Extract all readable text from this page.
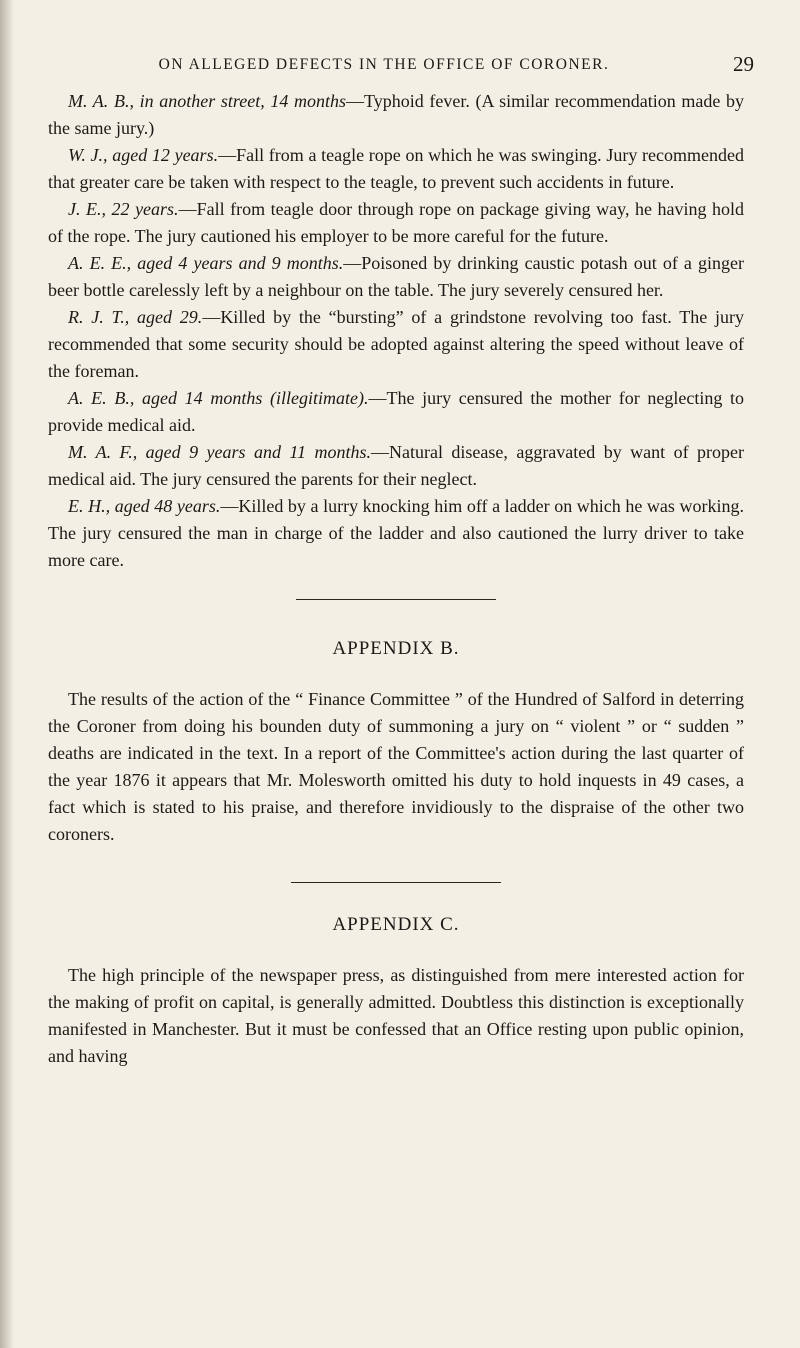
ON ALLEGED DEFECTS IN THE OFFICE OF CORONER.	29

M. A. B., in another street, 14 months—Typhoid fever. (A similar recommendation made by the same jury.)

W. J., aged 12 years.—Fall from a teagle rope on which he was swinging. Jury recommended that greater care be taken with respect to the teagle, to prevent such accidents in future.

J. E., 22 years.—Fall from teagle door through rope on package giving way, he having hold of the rope. The jury cautioned his employer to be more careful for the future.

A. E. E., aged 4 years and 9 months.—Poisoned by drinking caustic potash out of a ginger beer bottle carelessly left by a neighbour on the table. The jury severely censured her.

R. J. T., aged 29.—Killed by the “bursting” of a grindstone revolving too fast. The jury recommended that some security should be adopted against altering the speed without leave of the foreman.

A. E. B., aged 14 months (illegitimate).—The jury censured the mother for neglecting to provide medical aid.

M. A. F., aged 9 years and 11 months.—Natural disease, aggravated by want of proper medical aid. The jury censured the parents for their neglect.

E. H., aged 48 years.—Killed by a lurry knocking him off a ladder on which he was working. The jury censured the man in charge of the ladder and also cautioned the lurry driver to take more care.

APPENDIX B.

The results of the action of the “ Finance Committee ” of the Hundred of Salford in deterring the Coroner from doing his bounden duty of summoning a jury on “ violent ” or “ sudden ” deaths are indicated in the text. In a report of the Committee's action during the last quarter of the year 1876 it appears that Mr. Molesworth omitted his duty to hold inquests in 49 cases, a fact which is stated to his praise, and therefore invidiously to the dispraise of the other two coroners.

APPENDIX C.

The high principle of the newspaper press, as distinguished from mere interested action for the making of profit on capital, is generally admitted. Doubtless this distinction is exceptionally manifested in Manchester. But it must be confessed that an Office resting upon public opinion, and having
